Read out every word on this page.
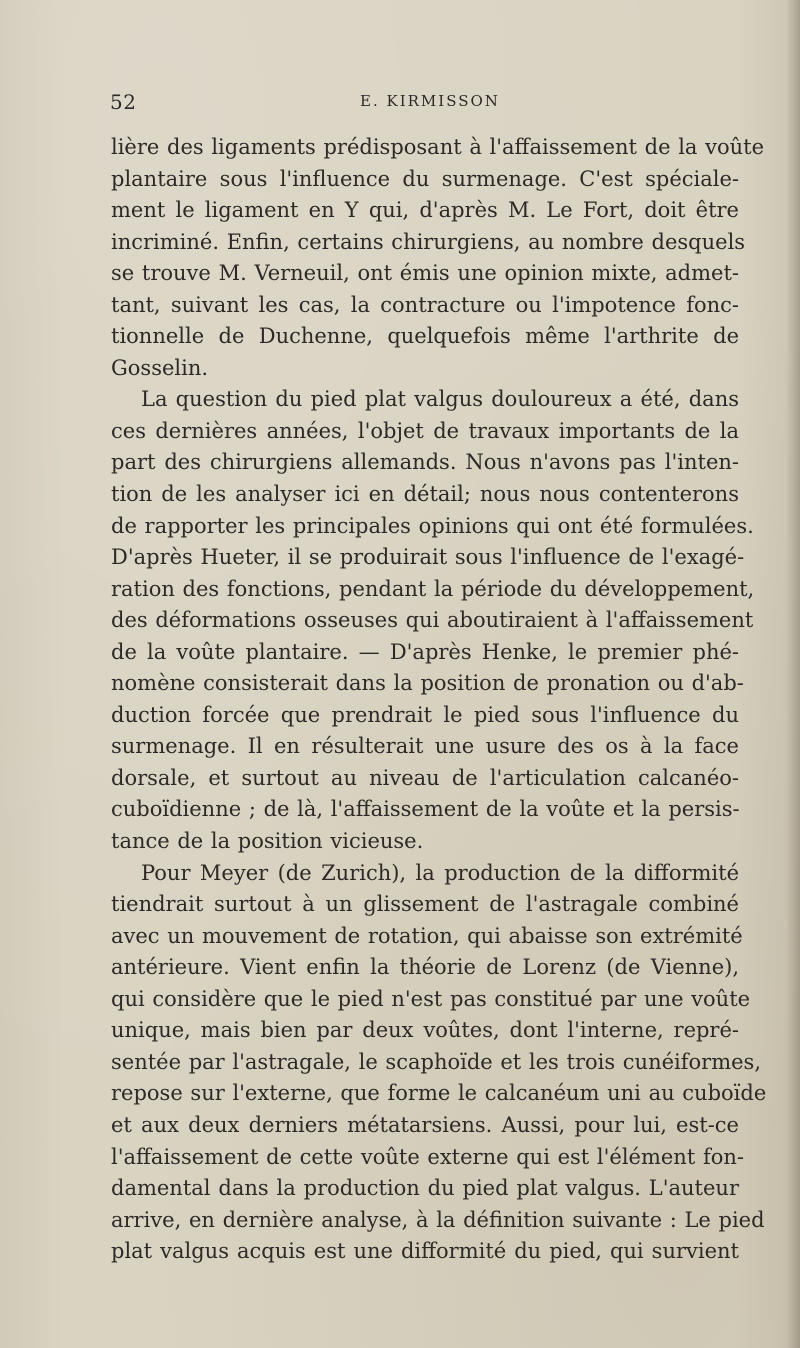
52	E. KIRMISSON
lière des ligaments prédisposant à l'affaissement de la voûte
plantaire sous l'influence du surmenage. C'est spéciale-
ment le ligament en Y qui, d'après M. Le Fort, doit être
incriminé. Enfin, certains chirurgiens, au nombre desquels
se trouve M. Verneuil, ont émis une opinion mixte, admet-
tant, suivant les cas, la contracture ou l'impotence fonc-
tionnelle de Duchenne, quelquefois même l'arthrite de
Gosselin.
La question du pied plat valgus douloureux a été, dans
ces dernières années, l'objet de travaux importants de la
part des chirurgiens allemands. Nous n'avons pas l'inten-
tion de les analyser ici en détail; nous nous contenterons
de rapporter les principales opinions qui ont été formulées.
D'après Hueter, il se produirait sous l'influence de l'exagé-
ration des fonctions, pendant la période du développement,
des déformations osseuses qui aboutiraient à l'affaissement
de la voûte plantaire. — D'après Henke, le premier phé-
nomène consisterait dans la position de pronation ou d'ab-
duction forcée que prendrait le pied sous l'influence du
surmenage. Il en résulterait une usure des os à la face
dorsale, et surtout au niveau de l'articulation calcanéo-
cuboïdienne ; de là, l'affaissement de la voûte et la persis-
tance de la position vicieuse.
Pour Meyer (de Zurich), la production de la difformité
tiendrait surtout à un glissement de l'astragale combiné
avec un mouvement de rotation, qui abaisse son extrémité
antérieure. Vient enfin la théorie de Lorenz (de Vienne),
qui considère que le pied n'est pas constitué par une voûte
unique, mais bien par deux voûtes, dont l'interne, repré-
sentée par l'astragale, le scaphoïde et les trois cunéiformes,
repose sur l'externe, que forme le calcanéum uni au cuboïde
et aux deux derniers métatarsiens. Aussi, pour lui, est-ce
l'affaissement de cette voûte externe qui est l'élément fon-
damental dans la production du pied plat valgus. L'auteur
arrive, en dernière analyse, à la définition suivante : Le pied
plat valgus acquis est une difformité du pied, qui survient
